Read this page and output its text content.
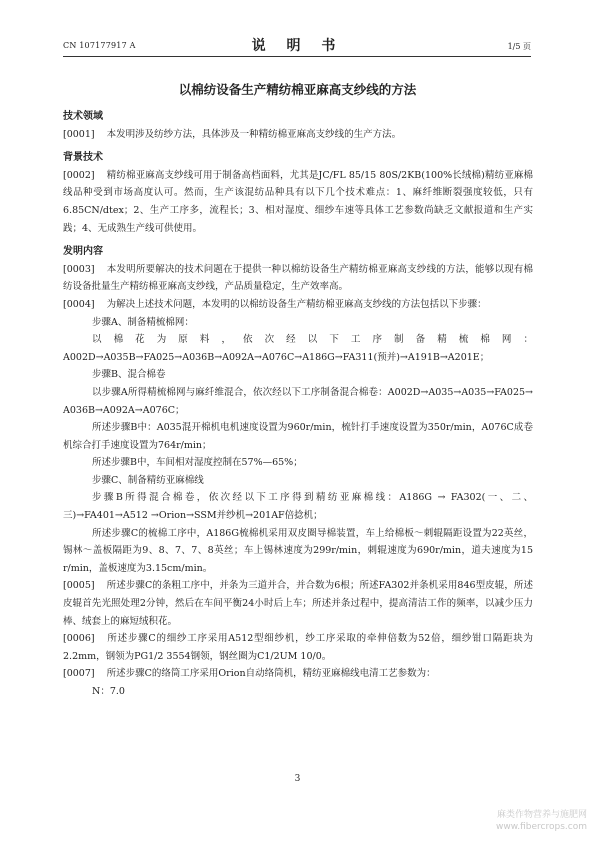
CN 107177917 A	说 明 书	1/5 页
以棉纺设备生产精纺棉亚麻高支纱线的方法

技术领域

[0001] 本发明涉及纺纱方法，具体涉及一种精纺棉亚麻高支纱线的生产方法。

背景技术

[0002] 精纺棉亚麻高支纱线可用于制备高档面料，尤其是JC/FL 85/15 80S/2KB(100%长绒棉)精纺亚麻棉线品种受到市场高度认可。然而，生产该混纺品种具有以下几个技术难点：1、麻纤维断裂强度较低，只有6.85CN/dtex；2、生产工序多，流程长；3、相对湿度、细纱车速等具体工艺参数尚缺乏文献报道和生产实践；4、无成熟生产线可供使用。

发明内容

[0003] 本发明所要解决的技术问题在于提供一种以棉纺设备生产精纺棉亚麻高支纱线的方法，能够以现有棉纺设备批量生产精纺棉亚麻高支纱线，产品质量稳定，生产效率高。

[0004] 为解决上述技术问题，本发明的以棉纺设备生产精纺棉亚麻高支纱线的方法包括以下步骤：

步骤A、制备精梳棉网：

以棉花为原料，依次经以下工序制备精梳棉网：A002D→A035B→FA025→A036B→A092A→A076C→A186G→FA311(预并)→A191B→A201E；

步骤B、混合棉卷

以步骤A所得精梳棉网与麻纤维混合，依次经以下工序制备混合棉卷：A002D→A035→A035→FA025→ A036B→A092A→A076C；

所述步骤B中：A035混开棉机电机速度设置为960r/min，梳针打手速度设置为350r/min，A076C成卷机综合打手速度设置为764r/min；

所述步骤B中，车间相对湿度控制在57%—65%；

步骤C、制备精纺亚麻棉线

步骤B所得混合棉卷，依次经以下工序得到精纺亚麻棉线：A186G → FA302(一、二、三)→FA401→A512 →Orion→SSM并纱机→201AF倍捻机；

所述步骤C的梳棉工序中，A186G梳棉机采用双皮圈导棉装置，车上给棉板～刺辊隔距设置为22英丝，锡林～盖板隔距为9、8、7、7、8英丝；车上锡林速度为299r/min，刺辊速度为690r/min，道夫速度为15 r/min，盖板速度为3.15cm/min。

[0005] 所述步骤C的条粗工序中，并条为三道并合，并合数为6根；所述FA302并条机采用846型皮辊，所述皮辊首先光照处理2分钟，然后在车间平衡24小时后上车；所述并条过程中，提高清洁工作的频率，以减少压力棒、绒套上的麻短绒积花。

[0006] 所述步骤C的细纱工序采用A512型细纱机，纱工序采取的牵伸倍数为52倍，细纱钳口隔距块为2.2mm，钢领为PG1/2 3554钢领，钢丝圈为C1/2UM 10/0。

[0007] 所述步骤C的络筒工序采用Orion自动络筒机，精纺亚麻棉线电清工艺参数为：

N：7.0

3
麻类作物营养与施肥网
www.fibercrops.com
